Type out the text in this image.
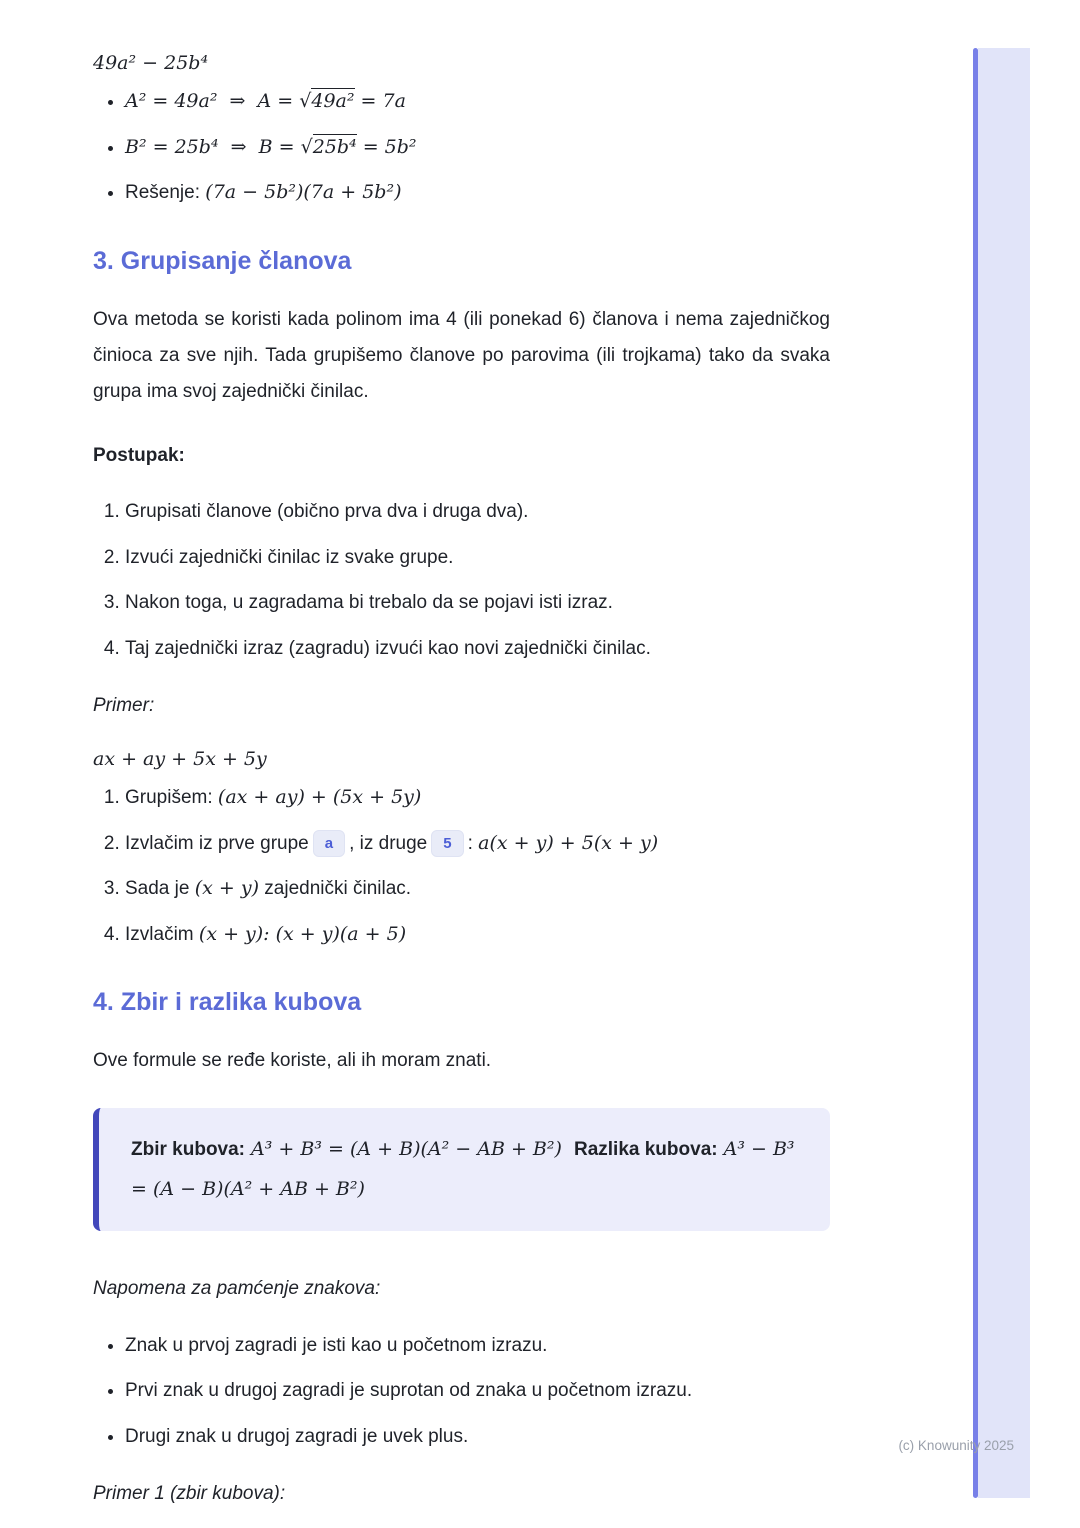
49a² − 25b⁴
• A² = 49a²  ⇒  A = √49a² = 7a
• B² = 25b⁴  ⇒  B = √25b⁴ = 5b²
• Rešenje: (7a − 5b²)(7a + 5b²)
3. Grupisanje članova

Ova metoda se koristi kada polinom ima 4 (ili ponekad 6) članova i nema zajedničkog činioca za sve njih. Tada grupišemo članove po parovima (ili trojkama) tako da svaka grupa ima svoj zajednički činilac.

Postupak:

1. Grupisati članove (obično prva dva i druga dva).
2. Izvući zajednički činilac iz svake grupe.
3. Nakon toga, u zagradama bi trebalo da se pojavi isti izraz.
4. Taj zajednički izraz (zagradu) izvući kao novi zajednički činilac.

Primer:

ax + ay + 5x + 5y
1. Grupišem: (ax + ay) + (5x + 5y)
2. Izvlačim iz prve grupe a , iz druge 5 : a(x + y) + 5(x + y)
3. Sada je (x + y) zajednički činilac.
4. Izvlačim (x + y): (x + y)(a + 5)
4. Zbir i razlika kubova

Ove formule se ređe koriste, ali ih moram znati.

Zbir kubova: A³ + B³ = (A + B)(A² − AB + B²)  Razlika kubova: A³ − B³ = (A − B)(A² + AB + B²)

Napomena za pamćenje znakova:

• Znak u prvoj zagradi je isti kao u početnom izrazu.
• Prvi znak u drugoj zagradi je suprotan od znaka u početnom izrazu.
• Drugi znak u drugoj zagradi je uvek plus.

Primer 1 (zbir kubova):

(c) Knowunity 2025
